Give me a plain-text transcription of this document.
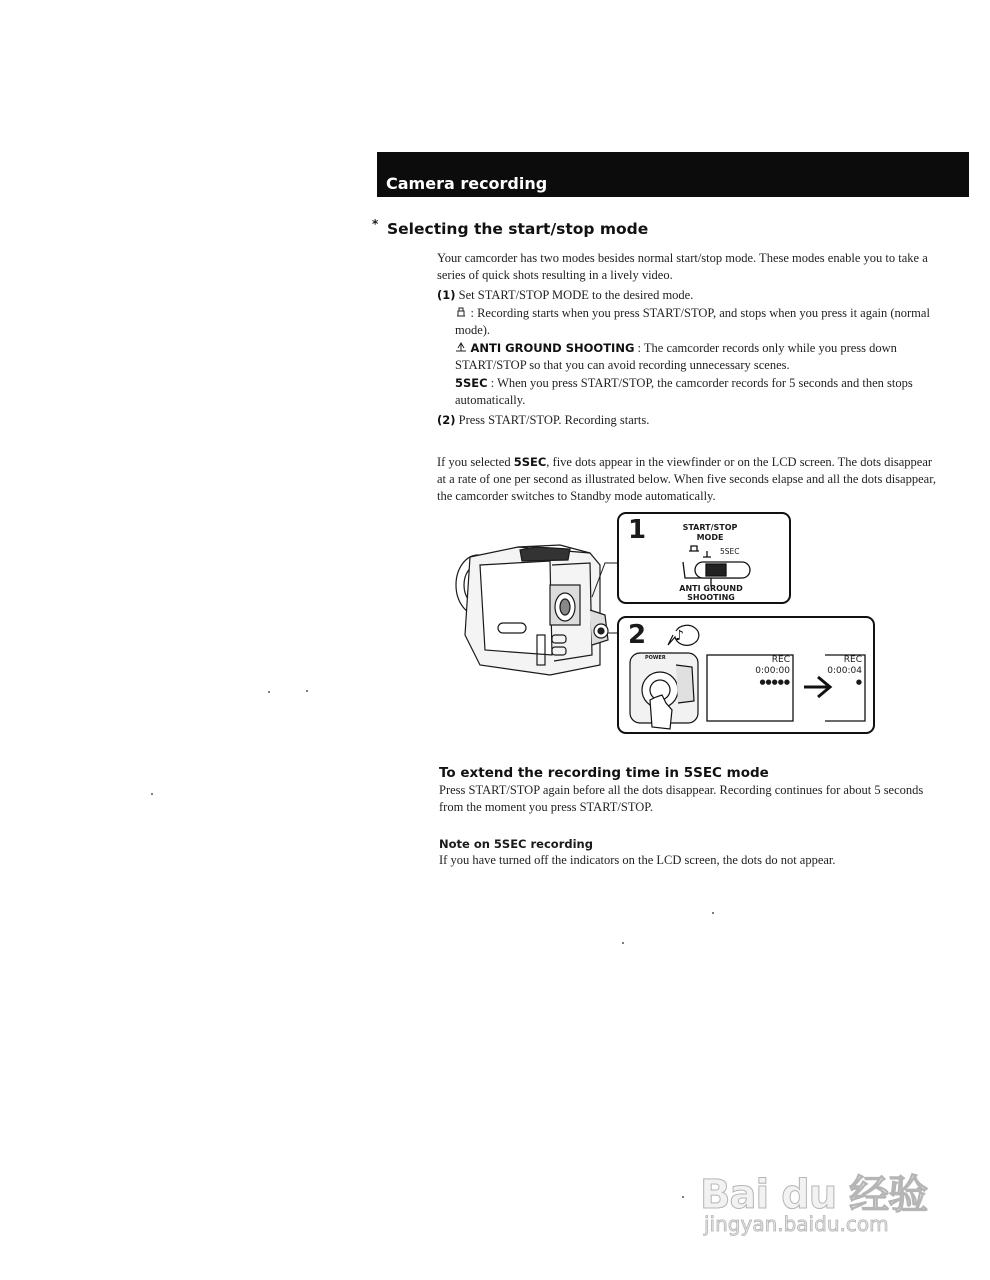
Camera recording
* Selecting the start/stop mode
Your camcorder has two modes besides normal start/stop mode. These modes enable you to take a series of quick shots resulting in a lively video.
(1) Set START/STOP MODE to the desired mode.
: Recording starts when you press START/STOP, and stops when you press it again (normal mode).
ANTI GROUND SHOOTING : The camcorder records only while you press down START/STOP so that you can avoid recording unnecessary scenes.
5SEC : When you press START/STOP, the camcorder records for 5 seconds and then stops automatically.
(2) Press START/STOP. Recording starts.
If you selected 5SEC, five dots appear in the viewfinder or on the LCD screen. The dots disappear at a rate of one per second as illustrated below. When five seconds elapse and all the dots disappear, the camcorder switches to Standby mode automatically.
♪
1	START/STOP
MODE
5SEC
ANTI GROUND
SHOOTING
2
POWER	REC
0:00:00
●●●●●
REC
0:00:04
●
To extend the recording time in 5SEC mode
Press START/STOP again before all the dots disappear. Recording continues for about 5 seconds from the moment you press START/STOP.
Note on 5SEC recording
If you have turned off the indicators on the LCD screen, the dots do not appear.
Bai du 经验
jingyan.baidu.com
